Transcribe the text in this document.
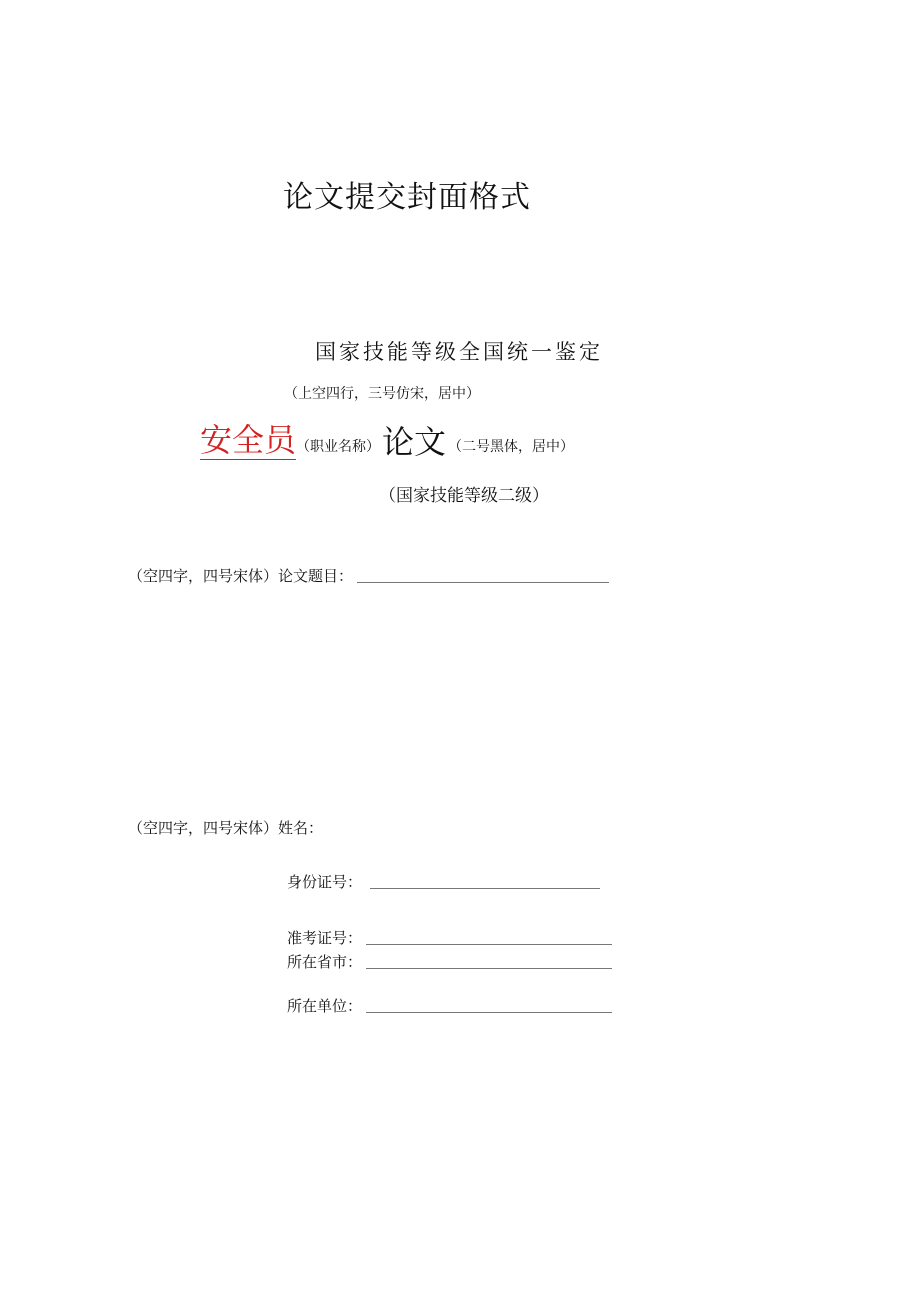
论文提交封面格式
国家技能等级全国统一鉴定
（上空四行，三号仿宋，居中）
安全员 （职业名称） 论文 （二号黑体，居中）
（国家技能等级二级）
（空四字，四号宋体）论文题目：
（空四字，四号宋体）姓名：
身份证号：
准考证号：
所在省市：
所在单位：
